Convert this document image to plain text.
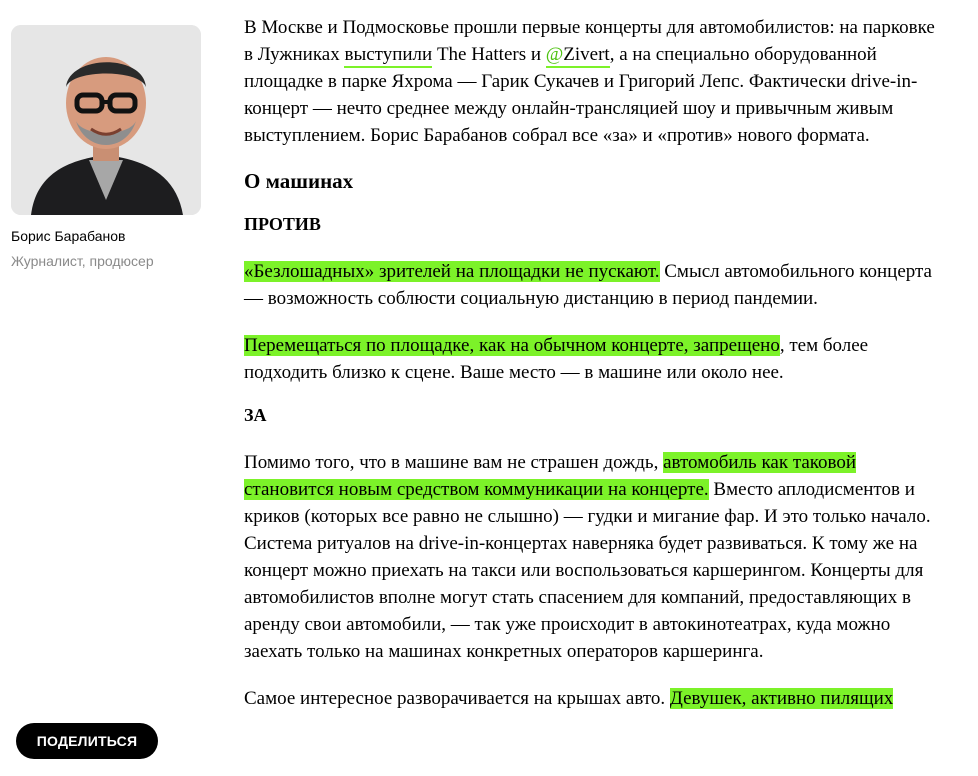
Борис Барабанов
Журналист, продюсер
ПОДЕЛИТЬСЯ

В Москве и Подмосковье прошли первые концерты для автомобилистов: на парковке в Лужниках выступили The Hatters и @Zivert, а на специально оборудованной площадке в парке Яхрома — Гарик Сукачев и Григорий Лепс. Фактически drive-in-концерт — нечто среднее между онлайн-трансляцией шоу и привычным живым выступлением. Борис Барабанов собрал все «за» и «против» нового формата.

О машинах
ПРОТИВ

«Безлошадных» зрителей на площадки не пускают. Смысл автомобильного концерта — возможность соблюсти социальную дистанцию в период пандемии.

Перемещаться по площадке, как на обычном концерте, запрещено, тем более подходить близко к сцене. Ваше место — в машине или около нее.

ЗА

Помимо того, что в машине вам не страшен дождь, автомобиль как таковой становится новым средством коммуникации на концерте. Вместо аплодисментов и криков (которых все равно не слышно) — гудки и мигание фар. И это только начало. Система ритуалов на drive-in-концертах наверняка будет развиваться. К тому же на концерт можно приехать на такси или воспользоваться каршерингом. Концерты для автомобилистов вполне могут стать спасением для компаний, предоставляющих в аренду свои автомобили, — так уже происходит в автокинотеатрах, куда можно заехать только на машинах конкретных операторов каршеринга.

Самое интересное разворачивается на крышах авто. Девушек, активно пилящих
